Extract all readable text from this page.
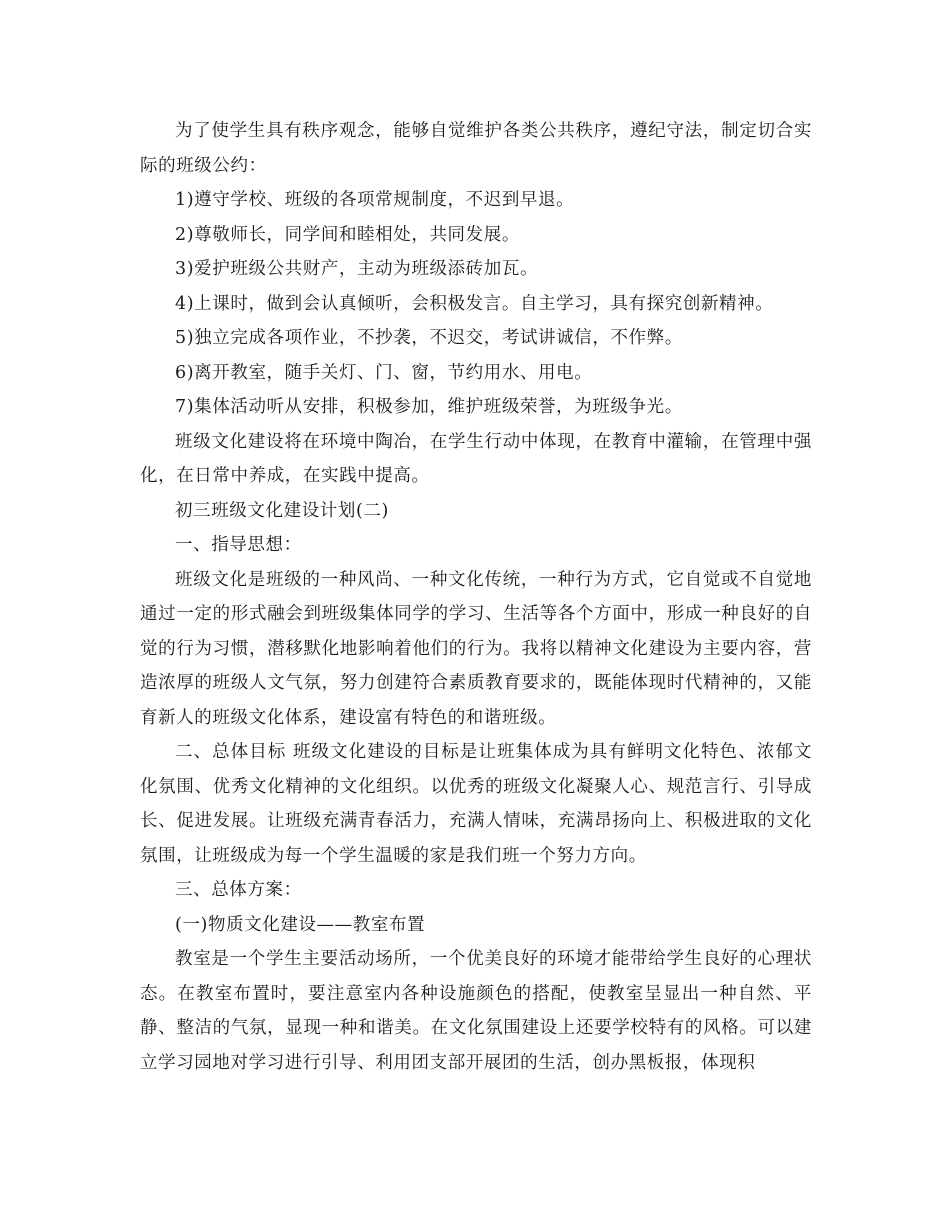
为了使学生具有秩序观念，能够自觉维护各类公共秩序，遵纪守法，制定切合实际的班级公约：

1)遵守学校、班级的各项常规制度，不迟到早退。

2)尊敬师长，同学间和睦相处，共同发展。

3)爱护班级公共财产，主动为班级添砖加瓦。

4)上课时，做到会认真倾听，会积极发言。自主学习，具有探究创新精神。

5)独立完成各项作业，不抄袭，不迟交，考试讲诚信，不作弊。

6)离开教室，随手关灯、门、窗，节约用水、用电。

7)集体活动听从安排，积极参加，维护班级荣誉，为班级争光。

班级文化建设将在环境中陶冶，在学生行动中体现，在教育中灌输，在管理中强化，在日常中养成，在实践中提高。

初三班级文化建设计划(二)

一、指导思想：

班级文化是班级的一种风尚、一种文化传统，一种行为方式，它自觉或不自觉地通过一定的形式融会到班级集体同学的学习、生活等各个方面中，形成一种良好的自觉的行为习惯，潜移默化地影响着他们的行为。我将以精神文化建设为主要内容，营造浓厚的班级人文气氛，努力创建符合素质教育要求的，既能体现时代精神的，又能育新人的班级文化体系，建设富有特色的和谐班级。

二、总体目标 班级文化建设的目标是让班集体成为具有鲜明文化特色、浓郁文化氛围、优秀文化精神的文化组织。以优秀的班级文化凝聚人心、规范言行、引导成长、促进发展。让班级充满青春活力，充满人情味，充满昂扬向上、积极进取的文化氛围，让班级成为每一个学生温暖的家是我们班一个努力方向。

三、总体方案：

(一)物质文化建设——教室布置

教室是一个学生主要活动场所，一个优美良好的环境才能带给学生良好的心理状态。在教室布置时，要注意室内各种设施颜色的搭配，使教室呈显出一种自然、平静、整洁的气氛，显现一种和谐美。在文化氛围建设上还要学校特有的风格。可以建立学习园地对学习进行引导、利用团支部开展团的生活，创办黑板报，体现积
